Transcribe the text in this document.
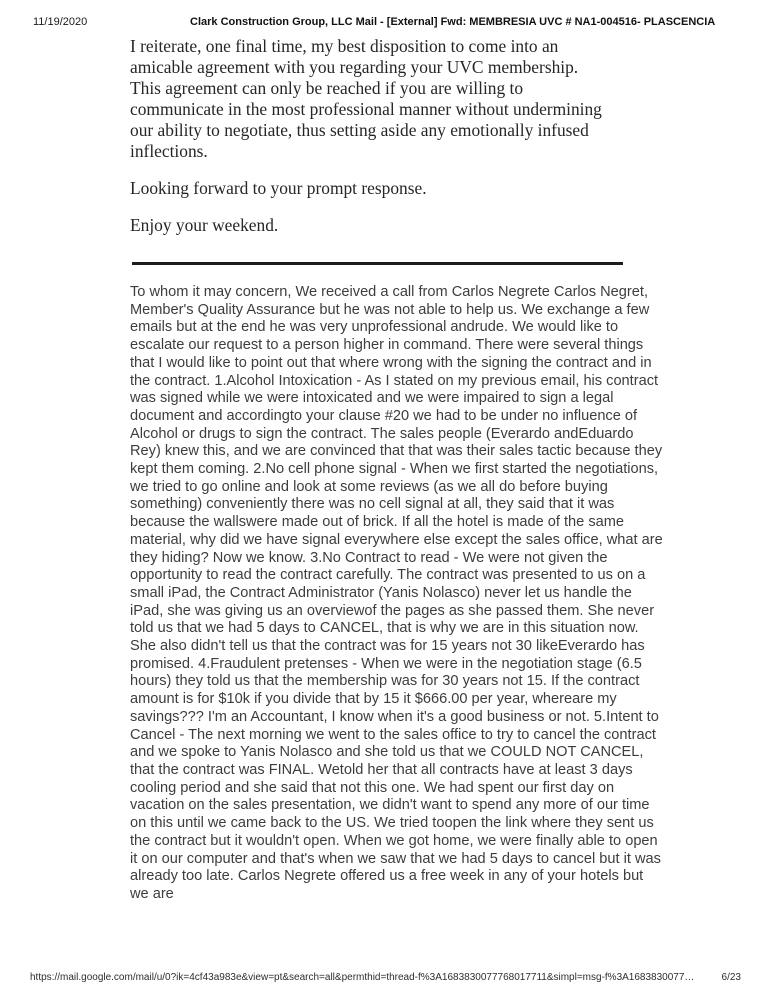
11/19/2020	Clark Construction Group, LLC Mail - [External] Fwd: MEMBRESIA UVC # NA1-004516- PLASCENCIA

I reiterate, one final time, my best disposition to come into an amicable agreement with you regarding your UVC membership. This agreement can only be reached if you are willing to communicate in the most professional manner without undermining our ability to negotiate, thus setting aside any emotionally infused inflections.

Looking forward to your prompt response.

Enjoy your weekend.

To whom it may concern, We received a call from Carlos Negrete Carlos Negret, Member's Quality Assurance but he was not able to help us. We exchange a few emails but at the end he was very unprofessional andrude. We would like to escalate our request to a person higher in command. There were several things that I would like to point out that where wrong with the signing the contract and in the contract. 1.Alcohol Intoxication - As I stated on my previous email, his contract was signed while we were intoxicated and we were impaired to sign a legal document and accordingto your clause #20 we had to be under no influence of Alcohol or drugs to sign the contract. The sales people (Everardo andEduardo Rey) knew this, and we are convinced that that was their sales tactic because they kept them coming. 2.No cell phone signal - When we first started the negotiations, we tried to go online and look at some reviews (as we all do before buying something) conveniently there was no cell signal at all, they said that it was because the wallswere made out of brick. If all the hotel is made of the same material, why did we have signal everywhere else except the sales office, what are they hiding? Now we know. 3.No Contract to read - We were not given the opportunity to read the contract carefully. The contract was presented to us on a small iPad, the Contract Administrator (Yanis Nolasco) never let us handle the iPad, she was giving us an overviewof the pages as she passed them. She never told us that we had 5 days to CANCEL, that is why we are in this situation now. She also didn't tell us that the contract was for 15 years not 30 likeEverardo has promised. 4.Fraudulent pretenses - When we were in the negotiation stage (6.5 hours) they told us that the membership was for 30 years not 15. If the contract amount is for $10k if you divide that by 15 it $666.00 per year, whereare my savings??? I'm an Accountant, I know when it's a good business or not. 5.Intent to Cancel - The next morning we went to the sales office to try to cancel the contract and we spoke to Yanis Nolasco and she told us that we COULD NOT CANCEL, that the contract was FINAL. Wetold her that all contracts have at least 3 days cooling period and she said that not this one. We had spent our first day on vacation on the sales presentation, we didn't want to spend any more of our time on this until we came back to the US. We tried toopen the link where they sent us the contract but it wouldn't open. When we got home, we were finally able to open it on our computer and that's when we saw that we had 5 days to cancel but it was already too late. Carlos Negrete offered us a free week in any of your hotels but we are

https://mail.google.com/mail/u/0?ik=4cf43a983e&view=pt&search=all&permthid=thread-f%3A1683830077768017711&simpl=msg-f%3A1683830077…	6/23
